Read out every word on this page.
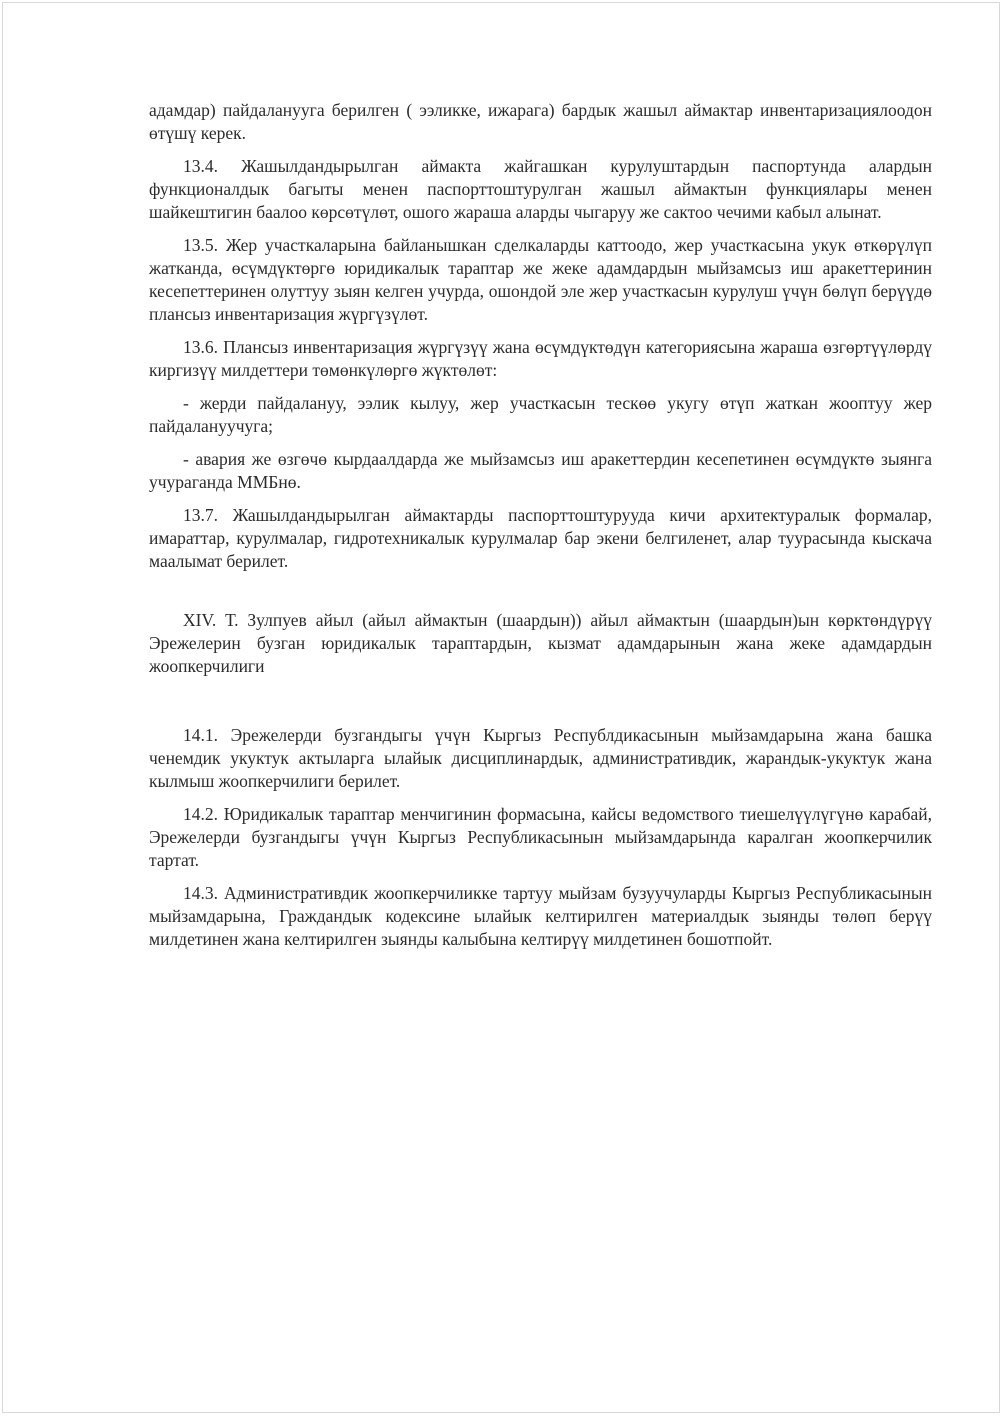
адамдар) пайдаланууга берилген ( ээликке, ижарага) бардык жашыл аймактар инвентаризациялоодон өтүшү керек.

13.4. Жашылдандырылган аймакта жайгашкан курулуштардын паспортунда алардын функционалдык багыты менен паспорттоштурулган жашыл аймактын функциялары менен шайкештигин баалоо көрсөтүлөт, ошого жараша аларды чыгаруу же сактоо чечими кабыл алынат.

13.5. Жер участкаларына байланышкан сделкаларды каттоодо, жер участкасына укук өткөрүлүп жатканда, өсүмдүктөргө юридикалык тараптар же жеке адамдардын мыйзамсыз иш аракеттеринин кесепеттеринен олуттуу зыян келген учурда, ошондой эле жер участкасын курулуш үчүн бөлүп берүүдө плансыз инвентаризация жүргүзүлөт.

13.6. Плансыз инвентаризация жүргүзүү жана өсүмдүктөдүн категориясына жараша өзгөртүүлөрдү киргизүү милдеттери төмөнкүлөргө жүктөлөт:

- жерди пайдалануу, ээлик кылуу, жер участкасын тескөө укугу өтүп жаткан жооптуу жер пайдалануучуга;

- авария же өзгөчө кырдаалдарда же мыйзамсыз иш аракеттердин кесепетинен өсүмдүктө зыянга учураганда ММБнө.

13.7. Жашылдандырылган аймактарды паспорттоштурууда кичи архитектуралык формалар, имараттар, курулмалар, гидротехникалык курулмалар бар экени белгиленет, алар туурасында кыскача маалымат берилет.

XIV. Т. Зулпуев айыл (айыл аймактын (шаардын)) айыл аймактын (шаардын)ын көрктөндүрүү Эрежелерин бузган юридикалык тараптардын, кызмат адамдарынын жана жеке адамдардын жоопкерчилиги

14.1. Эрежелерди бузгандыгы үчүн Кыргыз Республдикасынын мыйзамдарына жана башка ченемдик укуктук актыларга ылайык дисциплинардык, административдик, жарандык-укуктук жана кылмыш жоопкерчилиги берилет.

14.2. Юридикалык тараптар менчигинин формасына, кайсы ведомствого тиешелүүлүгүнө карабай, Эрежелерди бузгандыгы үчүн Кыргыз Республикасынын мыйзамдарында каралган жоопкерчилик тартат.

14.3. Административдик жоопкерчиликке тартуу мыйзам бузуучуларды Кыргыз Республикасынын мыйзамдарына, Граждандык кодексине ылайык келтирилген материалдык зыянды төлөп берүү милдетинен жана келтирилген зыянды калыбына келтирүү милдетинен бошотпойт.
